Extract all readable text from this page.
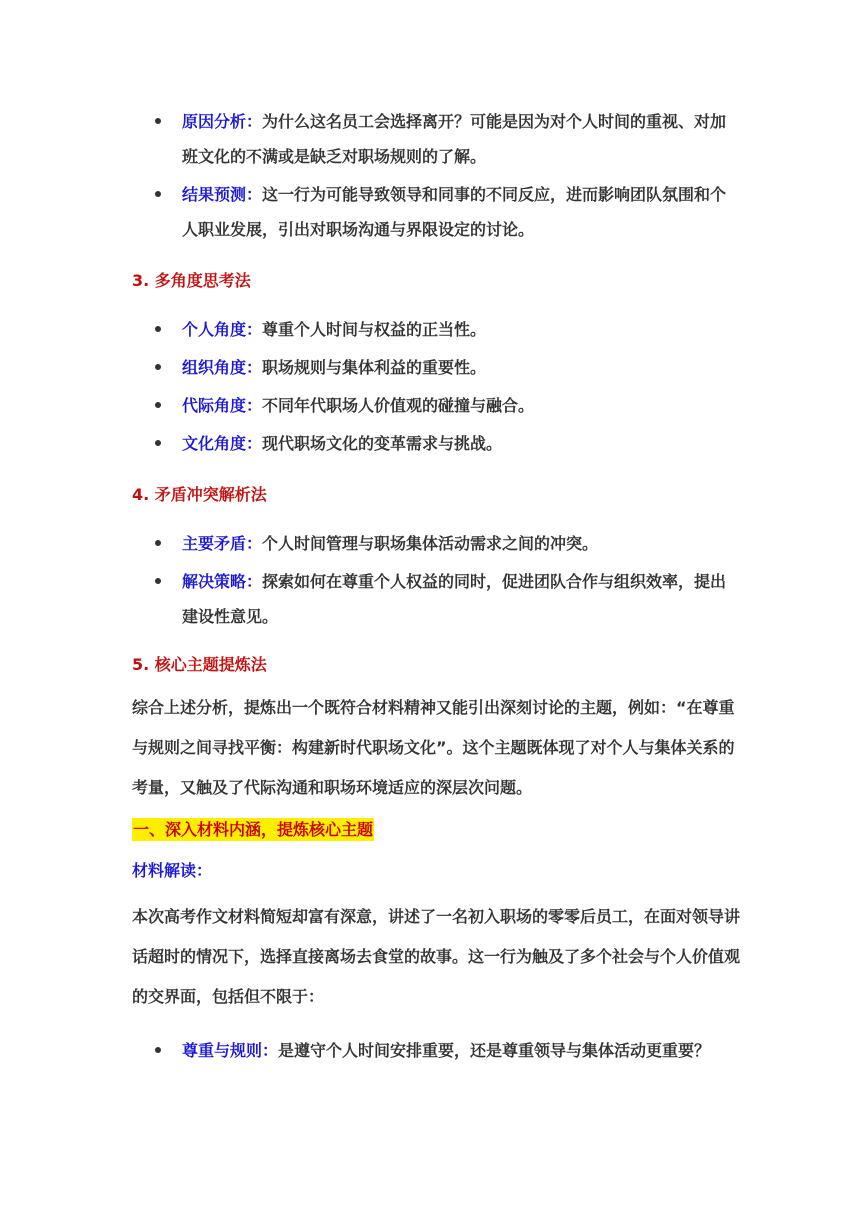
原因分析：为什么这名员工会选择离开？可能是因为对个人时间的重视、对加班文化的不满或是缺乏对职场规则的了解。
结果预测：这一行为可能导致领导和同事的不同反应，进而影响团队氛围和个人职业发展，引出对职场沟通与界限设定的讨论。
3. 多角度思考法
个人角度：尊重个人时间与权益的正当性。
组织角度：职场规则与集体利益的重要性。
代际角度：不同年代职场人价值观的碰撞与融合。
文化角度：现代职场文化的变革需求与挑战。
4. 矛盾冲突解析法
主要矛盾：个人时间管理与职场集体活动需求之间的冲突。
解决策略：探索如何在尊重个人权益的同时，促进团队合作与组织效率，提出建设性意见。
5. 核心主题提炼法

综合上述分析，提炼出一个既符合材料精神又能引出深刻讨论的主题，例如：“在尊重与规则之间寻找平衡：构建新时代职场文化”。这个主题既体现了对个人与集体关系的考量，又触及了代际沟通和职场环境适应的深层次问题。

一、深入材料内涵，提炼核心主题
材料解读：

本次高考作文材料简短却富有深意，讲述了一名初入职场的零零后员工，在面对领导讲话超时的情况下，选择直接离场去食堂的故事。这一行为触及了多个社会与个人价值观的交界面，包括但不限于：

尊重与规则：是遵守个人时间安排重要，还是尊重领导与集体活动更重要？
